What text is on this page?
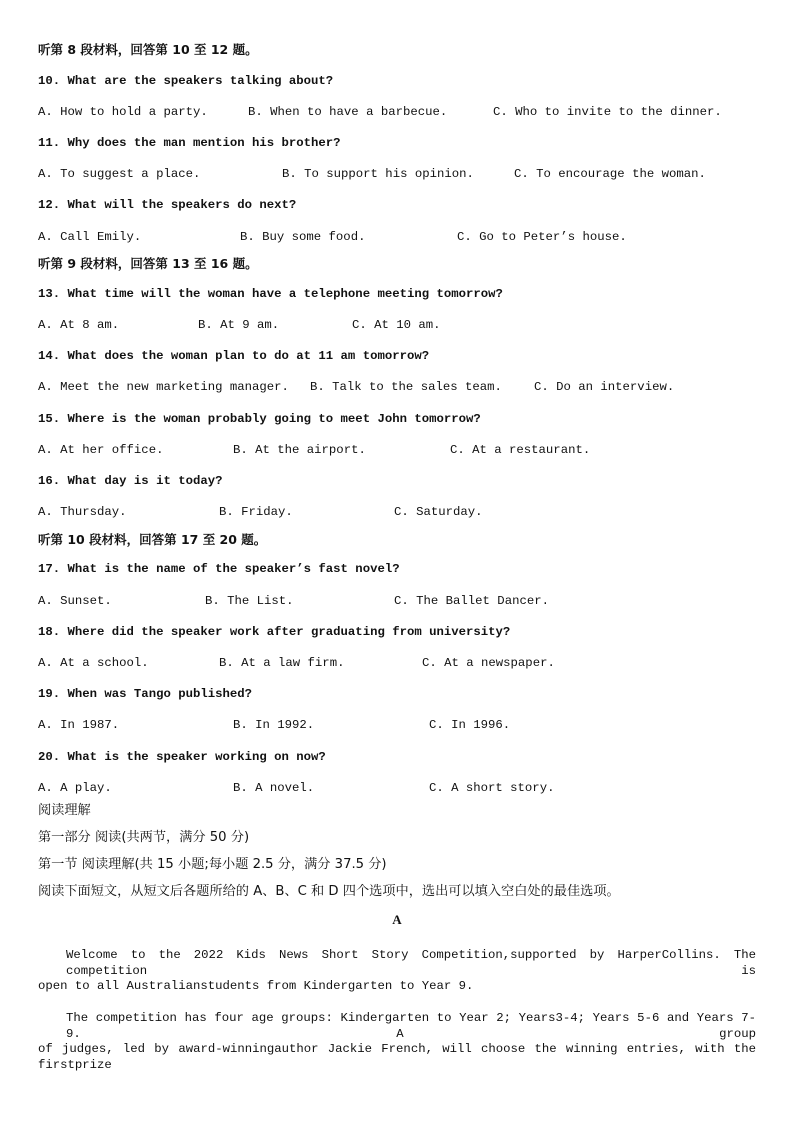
听第 8 段材料，回答第 10 至 12 题。
10. What are the speakers talking about?

A. How to hold a party.

	B. When to have a barbecue.

	C. Who to invite to the dinner.

11. Why does the man mention his brother?

A. To suggest a place.

	B. To support his opinion.

	C. To encourage the woman.

12. What will the speakers do next?

A. Call Emily.

	B. Buy some food.

	C. Go to Peter’s house.

听第 9 段材料，回答第 13 至 16 题。
13. What time will the woman have a telephone meeting tomorrow?

A. At 8 am.

	B. At 9 am.

	C. At 10 am.

14. What does the woman plan to do at 11 am tomorrow?

A. Meet the new marketing manager.

B. Talk to the sales team.

	C. Do an interview.

15. Where is the woman probably going to meet John tomorrow?

A. At her office.

	B. At the airport.

	C. At a restaurant.

16. What day is it today?

A. Thursday.

	B. Friday.

	C. Saturday.

听第 10 段材料，回答第 17 至 20 题。
17. What is the name of the speaker’s fast novel?

A. Sunset.

	B. The List.

	C. The Ballet Dancer.

18. Where did the speaker work after graduating from university?

A. At a school.

	B. At a law firm.

	C. At a newspaper.

19. When was Tango published?

A. In 1987.

	B. In 1992.

	C. In 1996.

20. What is the speaker working on now?

A. A play.

	B. A novel.

	C. A short story.

阅读理解
第一部分 阅读(共两节，满分 50 分)
第一节 阅读理解(共 15 小题;每小题 2.5 分，满分 37.5 分)
阅读下面短文，从短文后各题所给的 A、B、C 和 D 四个选项中，选出可以填入空白处的最佳选项。
A
Welcome to the 2022 Kids News Short Story Competition,supported by HarperCollins. The competition is
open to all Australianstudents from Kindergarten to Year 9.
The competition has four age groups: Kindergarten to Year 2; Years3-4; Years 5-6 and Years 7-9. A group
of judges, led by award-winningauthor Jackie French, will choose the winning entries, with the firstprize
